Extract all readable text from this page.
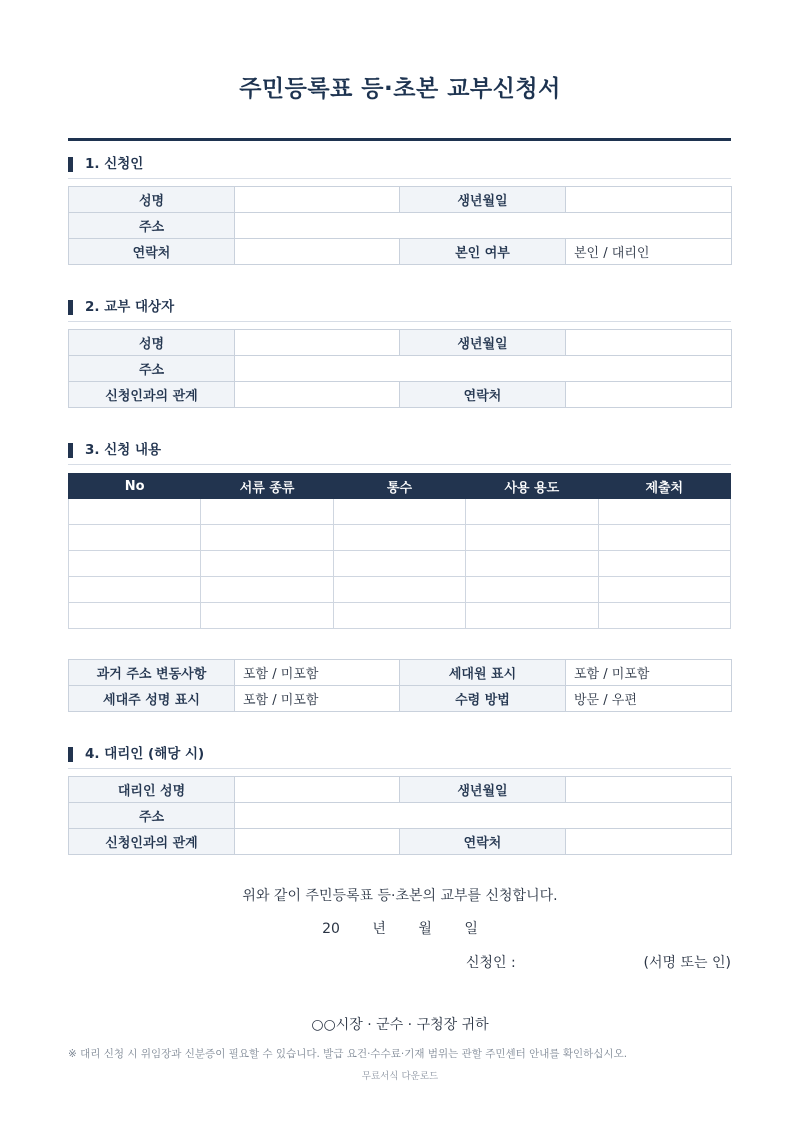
주민등록표 등·초본 교부신청서
1. 신청인
성명		생년월일	
주소			
연락처		본인 여부	본인 / 대리인
2. 교부 대상자
성명		생년월일	
주소			
신청인과의 관계		연락처	
3. 신청 내용
No	서류 종류	통수	사용 용도	제출처

과거 주소 변동사항	포함 / 미포함	세대원 표시	포함 / 미포함
세대주 성명 표시	포함 / 미포함	수령 방법	방문 / 우편
4. 대리인 (해당 시)
대리인 성명		생년월일	
주소			
신청인과의 관계		연락처	
위와 같이 주민등록표 등·초본의 교부를 신청합니다.
20 년 월 일
신청인 :	(서명 또는 인)
○○시장 · 군수 · 구청장 귀하
※ 대리 신청 시 위임장과 신분증이 필요할 수 있습니다. 발급 요건·수수료·기재 범위는 관할 주민센터 안내를 확인하십시오.
무료서식 다운로드
